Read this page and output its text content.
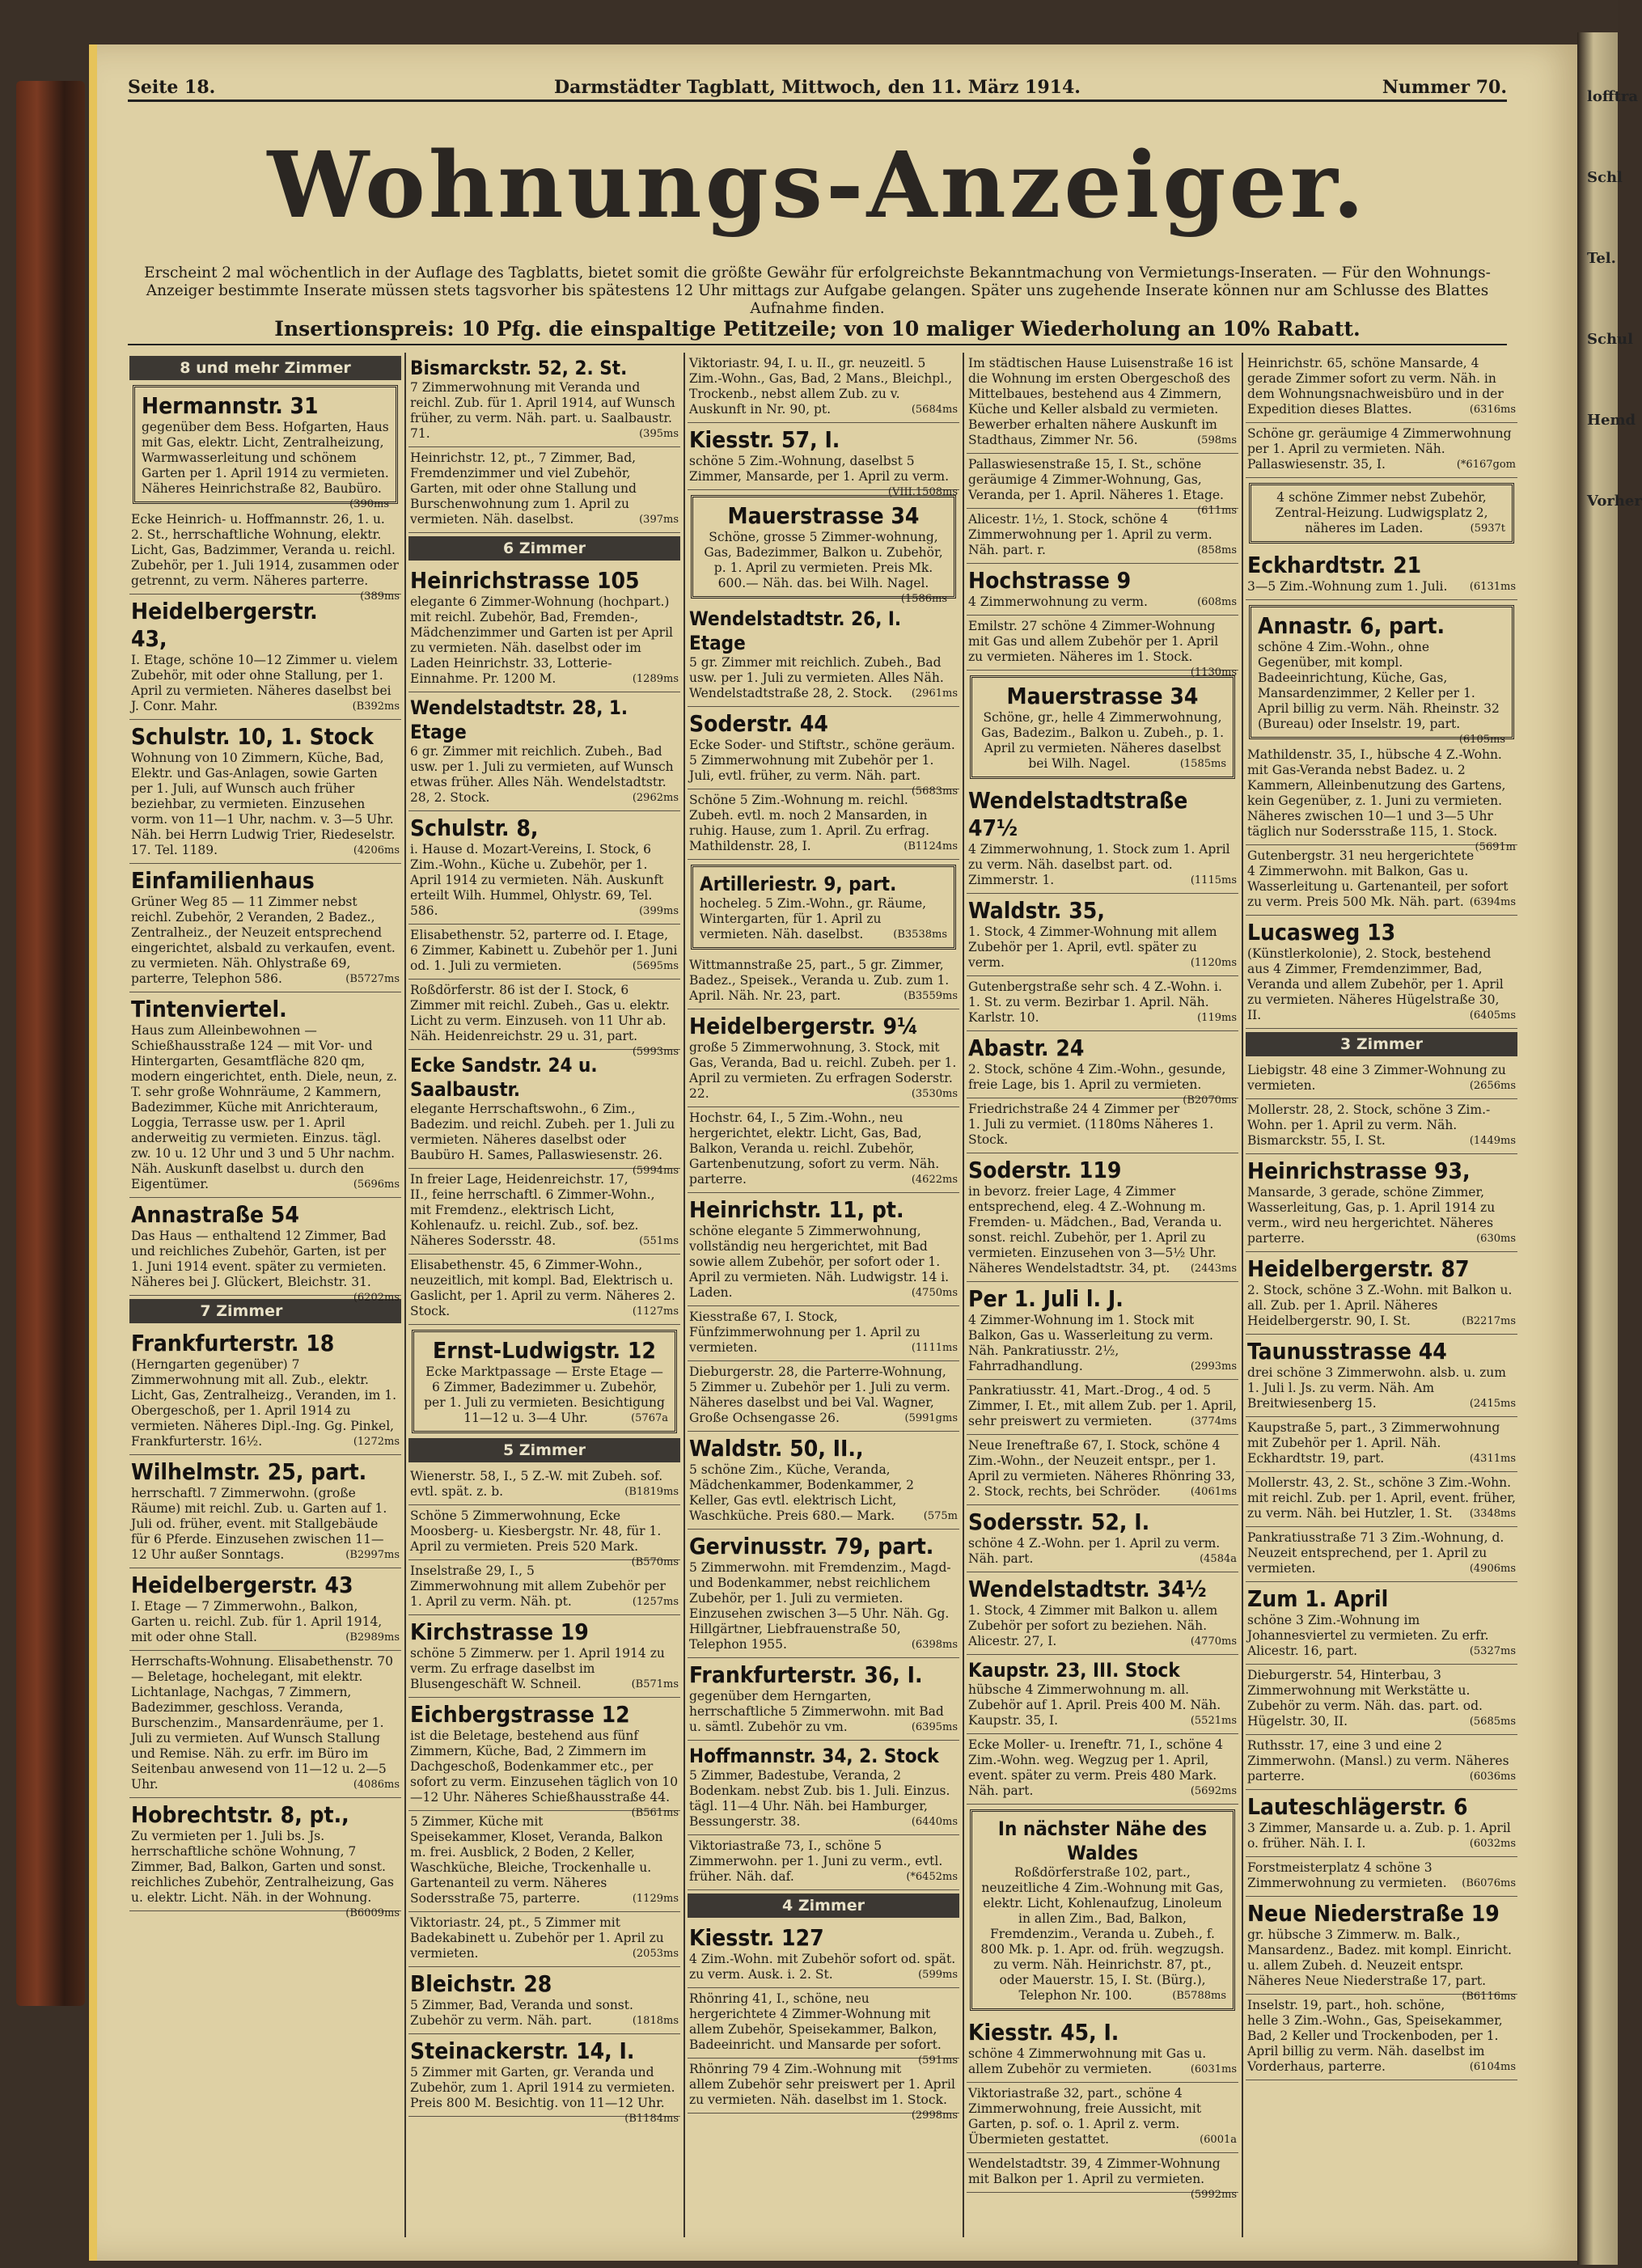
lofftra
Schl
Tel.
Schul
Hemd
Vorher
Seite 18.	Darmstädter Tagblatt, Mittwoch, den 11. März 1914.	Nummer 70.
Wohnungs-Anzeiger.
Erscheint 2 mal wöchentlich in der Auflage des Tagblatts, bietet somit die größte Gewähr für erfolgreichste Bekanntmachung von Vermietungs-Inseraten. — Für den Wohnungs-Anzeiger bestimmte Inserate müssen stets tagsvorher bis spätestens 12 Uhr mittags zur Aufgabe gelangen. Später uns zugehende Inserate können nur am Schlusse des Blattes Aufnahme finden.
Insertionspreis: 10 Pfg. die einspaltige Petitzeile; von 10 maliger Wiederholung an 10% Rabatt.
8 und mehr Zimmer
Hermannstr. 31
gegenüber dem Bess. Hofgarten, Haus mit Gas, elektr. Licht, Zentralheizung, Warmwasserleitung und schönem Garten per 1. April 1914 zu vermieten. Näheres Heinrichstraße 82, Baubüro.
(390ms
Ecke Heinrich- u. Hoffmannstr. 26, 1. u. 2. St., herrschaftliche Wohnung, elektr. Licht, Gas, Badzimmer, Veranda u. reichl. Zubehör, per 1. Juli 1914, zusammen oder getrennt, zu verm. Näheres parterre.
(389ms
Heidelbergerstr. 43,
I. Etage, schöne 10—12 Zimmer u. vielem Zubehör, mit oder ohne Stallung, per 1. April zu vermieten. Näheres daselbst bei J. Conr. Mahr.	(B392ms
Schulstr. 10, 1. Stock
Wohnung von 10 Zimmern, Küche, Bad, Elektr. und Gas-Anlagen, sowie Garten per 1. Juli, auf Wunsch auch früher beziehbar, zu vermieten. Einzusehen vorm. von 11—1 Uhr, nachm. v. 3—5 Uhr. Näh. bei Herrn Ludwig Trier, Riedeselstr. 17. Tel. 1189.	(4206ms
Einfamilienhaus
Grüner Weg 85 — 11 Zimmer nebst reichl. Zubehör, 2 Veranden, 2 Badez., Zentralheiz., der Neuzeit entsprechend eingerichtet, alsbald zu verkaufen, event. zu vermieten. Näh. Ohlystraße 69, parterre, Telephon 586.	(B5727ms
Tintenviertel.
Haus zum Alleinbewohnen — Schießhausstraße 124 — mit Vor- und Hintergarten, Gesamtfläche 820 qm, modern eingerichtet, enth. Diele, neun, z. T. sehr große Wohnräume, 2 Kammern, Badezimmer, Küche mit Anrichteraum, Loggia, Terrasse usw. per 1. April anderweitig zu vermieten. Einzus. tägl. zw. 10 u. 12 Uhr und 3 und 5 Uhr nachm. Näh. Auskunft daselbst u. durch den Eigentümer.	(5696ms
Annastraße 54
Das Haus — enthaltend 12 Zimmer, Bad und reichliches Zubehör, Garten, ist per 1. Juni 1914 event. später zu vermieten. Näheres bei J. Glückert, Bleichstr. 31.
(6202ms
7 Zimmer
Frankfurterstr. 18
(Herngarten gegenüber) 7 Zimmerwohnung mit all. Zub., elektr. Licht, Gas, Zentralheizg., Veranden, im 1. Obergeschoß, per 1. April 1914 zu vermieten. Näheres Dipl.-Ing. Gg. Pinkel, Frankfurterstr. 16½.	(1272ms
Wilhelmstr. 25, part.
herrschaftl. 7 Zimmerwohn. (große Räume) mit reichl. Zub. u. Garten auf 1. Juli od. früher, event. mit Stallgebäude für 6 Pferde. Einzusehen zwischen 11—12 Uhr außer Sonntags.	(B2997ms
Heidelbergerstr. 43
I. Etage — 7 Zimmerwohn., Balkon, Garten u. reichl. Zub. für 1. April 1914, mit oder ohne Stall.	(B2989ms
Herrschafts-Wohnung. Elisabethenstr. 70 — Beletage, hochelegant, mit elektr. Lichtanlage, Nachgas, 7 Zimmern, Badezimmer, geschloss. Veranda, Burschenzim., Mansardenräume, per 1. Juli zu vermieten. Auf Wunsch Stallung und Remise. Näh. zu erfr. im Büro im Seitenbau anwesend von 11—12 u. 2—5 Uhr.	(4086ms
Hobrechtstr. 8, pt.,
Zu vermieten per 1. Juli bs. Js. herrschaftliche schöne Wohnung, 7 Zimmer, Bad, Balkon, Garten und sonst. reichliches Zubehör, Zentralheizung, Gas u. elektr. Licht. Näh. in der Wohnung.
(B6009ms
Bismarckstr. 52, 2. St.
7 Zimmerwohnung mit Veranda und reichl. Zub. für 1. April 1914, auf Wunsch früher, zu verm. Näh. part. u. Saalbaustr. 71.	(395ms
Heinrichstr. 12, pt., 7 Zimmer, Bad, Fremdenzimmer und viel Zubehör, Garten, mit oder ohne Stallung und Burschenwohnung zum 1. April zu vermieten. Näh. daselbst.	(397ms
6 Zimmer
Heinrichstrasse 105
elegante 6 Zimmer-Wohnung (hochpart.) mit reichl. Zubehör, Bad, Fremden-, Mädchenzimmer und Garten ist per April zu vermieten. Näh. daselbst oder im Laden Heinrichstr. 33, Lotterie-Einnahme. Pr. 1200 M.	(1289ms
Wendelstadtstr. 28, 1. Etage
6 gr. Zimmer mit reichlich. Zubeh., Bad usw. per 1. Juli zu vermieten, auf Wunsch etwas früher. Alles Näh. Wendelstadtstr. 28, 2. Stock.	(2962ms
Schulstr. 8,
i. Hause d. Mozart-Vereins, I. Stock, 6 Zim.-Wohn., Küche u. Zubehör, per 1. April 1914 zu vermieten. Näh. Auskunft erteilt Wilh. Hummel, Ohlystr. 69, Tel. 586.	(399ms
Elisabethenstr. 52, parterre od. I. Etage, 6 Zimmer, Kabinett u. Zubehör per 1. Juni od. 1. Juli zu vermieten.	(5695ms
Roßdörferstr. 86 ist der I. Stock, 6 Zimmer mit reichl. Zubeh., Gas u. elektr. Licht zu verm. Einzuseh. von 11 Uhr ab. Näh. Heidenreichstr. 29 u. 31, part.
(5993ms
Ecke Sandstr. 24 u. Saalbaustr.
elegante Herrschaftswohn., 6 Zim., Badezim. und reichl. Zubeh. per 1. Juli zu vermieten. Näheres daselbst oder Baubüro H. Sames, Pallaswiesenstr. 26.
(5994ms
In freier Lage, Heidenreichstr. 17, II., feine herrschaftl. 6 Zimmer-Wohn., mit Fremdenz., elektrisch Licht, Kohlenaufz. u. reichl. Zub., sof. bez. Näheres Sodersstr. 48.	(551ms
Elisabethenstr. 45, 6 Zimmer-Wohn., neuzeitlich, mit kompl. Bad, Elektrisch u. Gaslicht, per 1. April zu verm. Näheres 2. Stock.	(1127ms
Ernst-Ludwigstr. 12
Ecke Marktpassage — Erste Etage — 6 Zimmer, Badezimmer u. Zubehör, per 1. Juli zu vermieten. Besichtigung 11—12 u. 3—4 Uhr.	(5767a
5 Zimmer
Wienerstr. 58, I., 5 Z.-W. mit Zubeh. sof. evtl. spät. z. b.	(B1819ms
Schöne 5 Zimmerwohnung, Ecke Moosberg- u. Kiesbergstr. Nr. 48, für 1. April zu vermieten. Preis 520 Mark.
(B570ms
Inselstraße 29, I., 5 Zimmerwohnung mit allem Zubehör per 1. April zu verm. Näh. pt.	(1257ms
Kirchstrasse 19
schöne 5 Zimmerw. per 1. April 1914 zu verm. Zu erfrage daselbst im Blusengeschäft W. Schneil.	(B571ms
Eichbergstrasse 12
ist die Beletage, bestehend aus fünf Zimmern, Küche, Bad, 2 Zimmern im Dachgeschoß, Bodenkammer etc., per sofort zu verm. Einzusehen täglich von 10—12 Uhr. Näheres Schießhausstraße 44.
(B561ms
5 Zimmer, Küche mit Speisekammer, Kloset, Veranda, Balkon m. frei. Ausblick, 2 Boden, 2 Keller, Waschküche, Bleiche, Trockenhalle u. Gartenanteil zu verm. Näheres Sodersstraße 75, parterre.	(1129ms
Viktoriastr. 24, pt., 5 Zimmer mit Badekabinett u. Zubehör per 1. April zu vermieten.	(2053ms
Bleichstr. 28
5 Zimmer, Bad, Veranda und sonst. Zubehör zu verm. Näh. part.	(1818ms
Steinackerstr. 14, I.
5 Zimmer mit Garten, gr. Veranda und Zubehör, zum 1. April 1914 zu vermieten. Preis 800 M. Besichtig. von 11—12 Uhr.
(B1184ms
Viktoriastr. 94, I. u. II., gr. neuzeitl. 5 Zim.-Wohn., Gas, Bad, 2 Mans., Bleichpl., Trockenb., nebst allem Zub. zu v. Auskunft in Nr. 90, pt.	(5684ms
Kiesstr. 57, I.
schöne 5 Zim.-Wohnung, daselbst 5 Zimmer, Mansarde, per 1. April zu verm.
(VIII.1508ms
Mauerstrasse 34
Schöne, grosse 5 Zimmer-wohnung, Gas, Badezimmer, Balkon u. Zubehör, p. 1. April zu vermieten. Preis Mk. 600.— Näh. das. bei Wilh. Nagel.
(1586ms
Wendelstadtstr. 26, I. Etage
5 gr. Zimmer mit reichlich. Zubeh., Bad usw. per 1. Juli zu vermieten. Alles Näh. Wendelstadtstraße 28, 2. Stock. (2961ms
Soderstr. 44
Ecke Soder- und Stiftstr., schöne geräum. 5 Zimmerwohnung mit Zubehör per 1. Juli, evtl. früher, zu verm. Näh. part.
(5683ms
Schöne 5 Zim.-Wohnung m. reichl. Zubeh. evtl. m. noch 2 Mansarden, in ruhig. Hause, zum 1. April. Zu erfrag. Mathildenstr. 28, I.	(B1124ms
Artilleriestr. 9, part.
hocheleg. 5 Zim.-Wohn., gr. Räume, Wintergarten, für 1. April zu vermieten. Näh. daselbst.	(B3538ms
Wittmannstraße 25, part., 5 gr. Zimmer, Badez., Speisek., Veranda u. Zub. zum 1. April. Näh. Nr. 23, part.	(B3559ms
Heidelbergerstr. 9¼
große 5 Zimmerwohnung, 3. Stock, mit Gas, Veranda, Bad u. reichl. Zubeh. per 1. April zu vermieten. Zu erfragen Soderstr. 22.	(3530ms
Hochstr. 64, I., 5 Zim.-Wohn., neu hergerichtet, elektr. Licht, Gas, Bad, Balkon, Veranda u. reichl. Zubehör, Gartenbenutzung, sofort zu verm. Näh. parterre.	(4622ms
Heinrichstr. 11, pt.
schöne elegante 5 Zimmerwohnung, vollständig neu hergerichtet, mit Bad sowie allem Zubehör, per sofort oder 1. April zu vermieten. Näh. Ludwigstr. 14 i. Laden.	(4750ms
Kiesstraße 67, I. Stock, Fünfzimmerwohnung per 1. April zu vermieten.	(1111ms
Dieburgerstr. 28, die Parterre-Wohnung, 5 Zimmer u. Zubehör per 1. Juli zu verm. Näheres daselbst und bei Val. Wagner, Große Ochsengasse 26.	(5991gms
Waldstr. 50, II.,
5 schöne Zim., Küche, Veranda, Mädchenkammer, Bodenkammer, 2 Keller, Gas evtl. elektrisch Licht, Waschküche. Preis 680.— Mark.	(575m
Gervinusstr. 79, part.
5 Zimmerwohn. mit Fremdenzim., Magd- und Bodenkammer, nebst reichlichem Zubehör, per 1. Juli zu vermieten. Einzusehen zwischen 3—5 Uhr. Näh. Gg. Hillgärtner, Liebfrauenstraße 50, Telephon 1955.	(6398ms
Frankfurterstr. 36, I.
gegenüber dem Herngarten, herrschaftliche 5 Zimmerwohn. mit Bad u. sämtl. Zubehör zu vm.	(6395ms
Hoffmannstr. 34, 2. Stock
5 Zimmer, Badestube, Veranda, 2 Bodenkam. nebst Zub. bis 1. Juli. Einzus. tägl. 11—4 Uhr. Näh. bei Hamburger, Bessungerstr. 38.	(6440ms
Viktoriastraße 73, I., schöne 5 Zimmerwohn. per 1. Juni zu verm., evtl. früher. Näh. daf.	(*6452ms
4 Zimmer
Kiesstr. 127
4 Zim.-Wohn. mit Zubehör sofort od. spät. zu verm. Ausk. i. 2. St.	(599ms
Rhönring 41, I., schöne, neu hergerichtete 4 Zimmer-Wohnung mit allem Zubehör, Speisekammer, Balkon, Badeeinricht. und Mansarde per sofort.
(591ms
Rhönring 79 4 Zim.-Wohnung mit allem Zubehör sehr preiswert per 1. April zu vermieten. Näh. daselbst im 1. Stock.
(2998ms
Im städtischen Hause Luisenstraße 16 ist die Wohnung im ersten Obergeschoß des Mittelbaues, bestehend aus 4 Zimmern, Küche und Keller alsbald zu vermieten. Bewerber erhalten nähere Auskunft im Stadthaus, Zimmer Nr. 56.	(598ms
Pallaswiesenstraße 15, I. St., schöne geräumige 4 Zimmer-Wohnung, Gas, Veranda, per 1. April. Näheres 1. Etage.
(611ms
Alicestr. 1½, 1. Stock, schöne 4 Zimmerwohnung per 1. April zu verm. Näh. part. r.	(858ms
Hochstrasse 9
4 Zimmerwohnung zu verm.	(608ms
Emilstr. 27 schöne 4 Zimmer-Wohnung mit Gas und allem Zubehör per 1. April zu vermieten. Näheres im 1. Stock.
(1130ms
Mauerstrasse 34
Schöne, gr., helle 4 Zimmerwohnung, Gas, Badezim., Balkon u. Zubeh., p. 1. April zu vermieten. Näheres daselbst bei Wilh. Nagel.	(1585ms
Wendelstadtstraße 47½
4 Zimmerwohnung, 1. Stock zum 1. April zu verm. Näh. daselbst part. od. Zimmerstr. 1.	(1115ms
Waldstr. 35,
1. Stock, 4 Zimmer-Wohnung mit allem Zubehör per 1. April, evtl. später zu verm.	(1120ms
Gutenbergstraße sehr sch. 4 Z.-Wohn. i. 1. St. zu verm. Bezirbar 1. April. Näh. Karlstr. 10.	(119ms
Abastr. 24
2. Stock, schöne 4 Zim.-Wohn., gesunde, freie Lage, bis 1. April zu vermieten.
(B2070ms
Friedrichstraße 24 4 Zimmer per 1. Juli zu vermiet. (1180ms Näheres 1. Stock.
Soderstr. 119
in bevorz. freier Lage, 4 Zimmer entsprechend, eleg. 4 Z.-Wohnung m. Fremden- u. Mädchen., Bad, Veranda u. sonst. reichl. Zubehör, per 1. April zu vermieten. Einzusehen von 3—5½ Uhr. Näheres Wendelstadtstr. 34, pt. (2443ms
Per 1. Juli l. J.
4 Zimmer-Wohnung im 1. Stock mit Balkon, Gas u. Wasserleitung zu verm. Näh. Pankratiusstr. 2½, Fahrradhandlung.	(2993ms
Pankratiusstr. 41, Mart.-Drog., 4 od. 5 Zimmer, I. Et., mit allem Zub. per 1. April, sehr preiswert zu vermieten.	(3774ms
Neue Ireneftraße 67, I. Stock, schöne 4 Zim.-Wohn., der Neuzeit entspr., per 1. April zu vermieten. Näheres Rhönring 33, 2. Stock, rechts, bei Schröder.	(4061ms
Sodersstr. 52, I.
schöne 4 Z.-Wohn. per 1. April zu verm. Näh. part.	(4584a
Wendelstadtstr. 34½
1. Stock, 4 Zimmer mit Balkon u. allem Zubehör per sofort zu beziehen. Näh. Alicestr. 27, I.	(4770ms
Kaupstr. 23, III. Stock
hübsche 4 Zimmerwohnung m. all. Zubehör auf 1. April. Preis 400 M. Näh. Kaupstr. 35, I.	(5521ms
Ecke Moller- u. Ireneftr. 71, I., schöne 4 Zim.-Wohn. weg. Wegzug per 1. April, event. später zu verm. Preis 480 Mark. Näh. part.	(5692ms
In nächster Nähe des Waldes
Roßdörferstraße 102, part., neuzeitliche 4 Zim.-Wohnung mit Gas, elektr. Licht, Kohlenaufzug, Linoleum in allen Zim., Bad, Balkon, Fremdenzim., Veranda u. Zubeh., f. 800 Mk. p. 1. Apr. od. früh. wegzugsh. zu verm. Näh. Heinrichstr. 87, pt., oder Mauerstr. 15, I. St. (Bürg.), Telephon Nr. 100.	(B5788ms
Kiesstr. 45, I.
schöne 4 Zimmerwohnung mit Gas u. allem Zubehör zu vermieten.	(6031ms
Viktoriastraße 32, part., schöne 4 Zimmerwohnung, freie Aussicht, mit Garten, p. sof. o. 1. April z. verm. Übermieten gestattet.	(6001a
Wendelstadtstr. 39, 4 Zimmer-Wohnung mit Balkon per 1. April zu vermieten.
(5992ms
Heinrichstr. 65, schöne Mansarde, 4 gerade Zimmer sofort zu verm. Näh. in dem Wohnungsnachweisbüro und in der Expedition dieses Blattes.	(6316ms
Schöne gr. geräumige 4 Zimmerwohnung per 1. April zu vermieten. Näh. Pallaswiesenstr. 35, I.	(*6167gom
4 schöne Zimmer nebst Zubehör, Zentral-Heizung. Ludwigsplatz 2, näheres im Laden.	(5937t
Eckhardtstr. 21
3—5 Zim.-Wohnung zum 1. Juli. (6131ms
Annastr. 6, part.
schöne 4 Zim.-Wohn., ohne Gegenüber, mit kompl. Badeeinrichtung, Küche, Gas, Mansardenzimmer, 2 Keller per 1. April billig zu verm. Näh. Rheinstr. 32 (Bureau) oder Inselstr. 19, part.
(6105ms
Mathildenstr. 35, I., hübsche 4 Z.-Wohn. mit Gas-Veranda nebst Badez. u. 2 Kammern, Alleinbenutzung des Gartens, kein Gegenüber, z. 1. Juni zu vermieten. Näheres zwischen 10—1 und 3—5 Uhr täglich nur Sodersstraße 115, 1. Stock.
(5691m
Gutenbergstr. 31 neu hergerichtete 4 Zimmerwohn. mit Balkon, Gas u. Wasserleitung u. Gartenanteil, per sofort zu verm. Preis 500 Mk. Näh. part. (6394ms
Lucasweg 13
(Künstlerkolonie), 2. Stock, bestehend aus 4 Zimmer, Fremdenzimmer, Bad, Veranda und allem Zubehör, per 1. April zu vermieten. Näheres Hügelstraße 30, II.	(6405ms
3 Zimmer
Liebigstr. 48 eine 3 Zimmer-Wohnung zu vermieten.	(2656ms
Mollerstr. 28, 2. Stock, schöne 3 Zim.-Wohn. per 1. April zu verm. Näh. Bismarckstr. 55, I. St.	(1449ms
Heinrichstrasse 93,
Mansarde, 3 gerade, schöne Zimmer, Wasserleitung, Gas, p. 1. April 1914 zu verm., wird neu hergerichtet. Näheres parterre.	(630ms
Heidelbergerstr. 87
2. Stock, schöne 3 Z.-Wohn. mit Balkon u. all. Zub. per 1. April. Näheres Heidelbergerstr. 90, I. St.	(B2217ms
Taunusstrasse 44
drei schöne 3 Zimmerwohn. alsb. u. zum 1. Juli l. Js. zu verm. Näh. Am Breitwiesenberg 15.	(2415ms
Kaupstraße 5, part., 3 Zimmerwohnung mit Zubehör per 1. April. Näh. Eckhardtstr. 19, part.	(4311ms
Mollerstr. 43, 2. St., schöne 3 Zim.-Wohn. mit reichl. Zub. per 1. April, event. früher, zu verm. Näh. bei Hutzler, 1. St. (3348ms
Pankratiusstraße 71 3 Zim.-Wohnung, d. Neuzeit entsprechend, per 1. April zu vermieten.	(4906ms
Zum 1. April
schöne 3 Zim.-Wohnung im Johannesviertel zu vermieten. Zu erfr. Alicestr. 16, part.	(5327ms
Dieburgerstr. 54, Hinterbau, 3 Zimmerwohnung mit Werkstätte u. Zubehör zu verm. Näh. das. part. od. Hügelstr. 30, II.	(5685ms
Ruthsstr. 17, eine 3 und eine 2 Zimmerwohn. (Mansl.) zu verm. Näheres parterre.	(6036ms
Lauteschlägerstr. 6
3 Zimmer, Mansarde u. a. Zub. p. 1. April o. früher. Näh. I. I.	(6032ms
Forstmeisterplatz 4 schöne 3 Zimmerwohnung zu vermieten. (B6076ms
Neue Niederstraße 19
gr. hübsche 3 Zimmerw. m. Balk., Mansardenz., Badez. mit kompl. Einricht. u. allem Zubeh. d. Neuzeit entspr. Näheres Neue Niederstraße 17, part.
(B6116ms
Inselstr. 19, part., hoh. schöne, helle 3 Zim.-Wohn., Gas, Speisekammer, Bad, 2 Keller und Trockenboden, per 1. April billig zu verm. Näh. daselbst im Vorderhaus, parterre.	(6104ms
